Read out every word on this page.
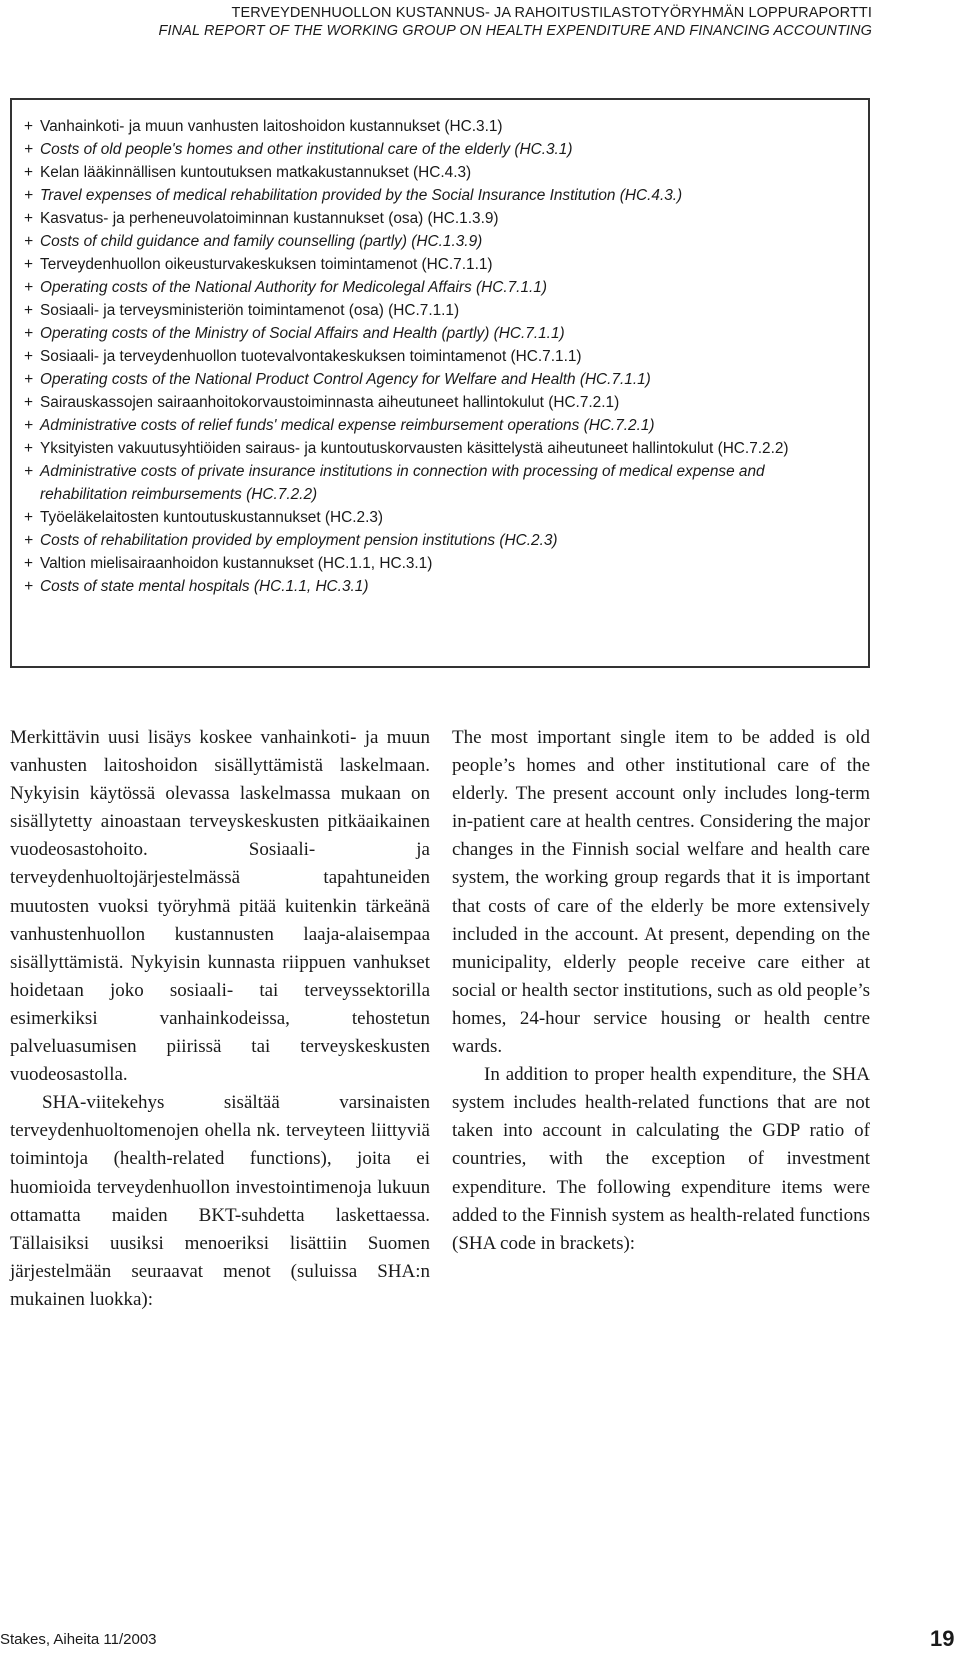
TERVEYDENHUOLLON KUSTANNUS- JA RAHOITUSTILASTOTYÖRYHMÄN LOPPURAPORTTI
FINAL REPORT OF THE WORKING GROUP ON HEALTH EXPENDITURE AND FINANCING ACCOUNTING
+ Vanhainkoti- ja muun vanhusten laitoshoidon kustannukset (HC.3.1)
+ Costs of old people's homes and other institutional care of the elderly (HC.3.1)
+ Kelan lääkinnällisen kuntoutuksen matkakustannukset (HC.4.3)
+ Travel expenses of medical rehabilitation provided by the Social Insurance Institution (HC.4.3.)
+ Kasvatus- ja perheneuvolatoiminnan kustannukset (osa) (HC.1.3.9)
+ Costs of child guidance and family counselling (partly) (HC.1.3.9)
+ Terveydenhuollon oikeusturvakeskuksen toimintamenot (HC.7.1.1)
+ Operating costs of the National Authority for Medicolegal Affairs (HC.7.1.1)
+ Sosiaali- ja terveysministeriön toimintamenot (osa) (HC.7.1.1)
+ Operating costs of the Ministry of Social Affairs and Health (partly) (HC.7.1.1)
+ Sosiaali- ja terveydenhuollon tuotevalvontakeskuksen toimintamenot (HC.7.1.1)
+ Operating costs of the National Product Control Agency for Welfare and Health (HC.7.1.1)
+ Sairauskassojen sairaanhoitokorvaustoiminnasta aiheutuneet hallintokulut (HC.7.2.1)
+ Administrative costs of relief funds' medical expense reimbursement operations (HC.7.2.1)
+ Yksityisten vakuutusyhtiöiden sairaus- ja kuntoutuskorvausten käsittelystä aiheutuneet hallintokulut (HC.7.2.2)
+ Administrative costs of private insurance institutions in connection with processing of medical expense and rehabilitation reimbursements (HC.7.2.2)
+ Työeläkelaitosten kuntoutuskustannukset (HC.2.3)
+ Costs of rehabilitation provided by employment pension institutions (HC.2.3)
+ Valtion mielisairaanhoidon kustannukset (HC.1.1, HC.3.1)
+ Costs of state mental hospitals (HC.1.1, HC.3.1)

Merkittävin uusi lisäys koskee vanhainkoti- ja muun vanhusten laitoshoidon sisällyttämistä laskelmaan. Nykyisin käytössä olevassa laskelmassa mukaan on sisällytetty ainoastaan terveyskeskusten pitkäaikainen vuodeosastohoito. Sosiaali- ja terveydenhuoltojärjestelmässä tapahtuneiden muutosten vuoksi työryhmä pitää kuitenkin tärkeänä vanhustenhuollon kustannusten laaja-alaisempaa sisällyttämistä. Nykyisin kunnasta riippuen vanhukset hoidetaan joko sosiaali- tai terveyssektorilla esimerkiksi vanhainkodeissa, tehostetun palveluasumisen piirissä tai terveyskeskusten vuodeosastolla.

SHA-viitekehys sisältää varsinaisten terveydenhuoltomenojen ohella nk. terveyteen liittyviä toimintoja (health-related functions), joita ei huomioida terveydenhuollon investointimenoja lukuun ottamatta maiden BKT-suhdetta laskettaessa. Tällaisiksi uusiksi menoeriksi lisättiin Suomen järjestelmään seuraavat menot (suluissa SHA:n mukainen luokka):

The most important single item to be added is old people’s homes and other institutional care of the elderly. The present account only includes long-term in-patient care at health centres. Considering the major changes in the Finnish social welfare and health care system, the working group regards that it is important that costs of care of the elderly be more extensively included in the account. At present, depending on the municipality, elderly people receive care either at social or health sector institutions, such as old people’s homes, 24-hour service housing or health centre wards.

In addition to proper health expenditure, the SHA system includes health-related functions that are not taken into account in calculating the GDP ratio of countries, with the exception of investment expenditure. The following expenditure items were added to the Finnish system as health-related functions (SHA code in brackets):

Stakes, Aiheita 11/2003	19
